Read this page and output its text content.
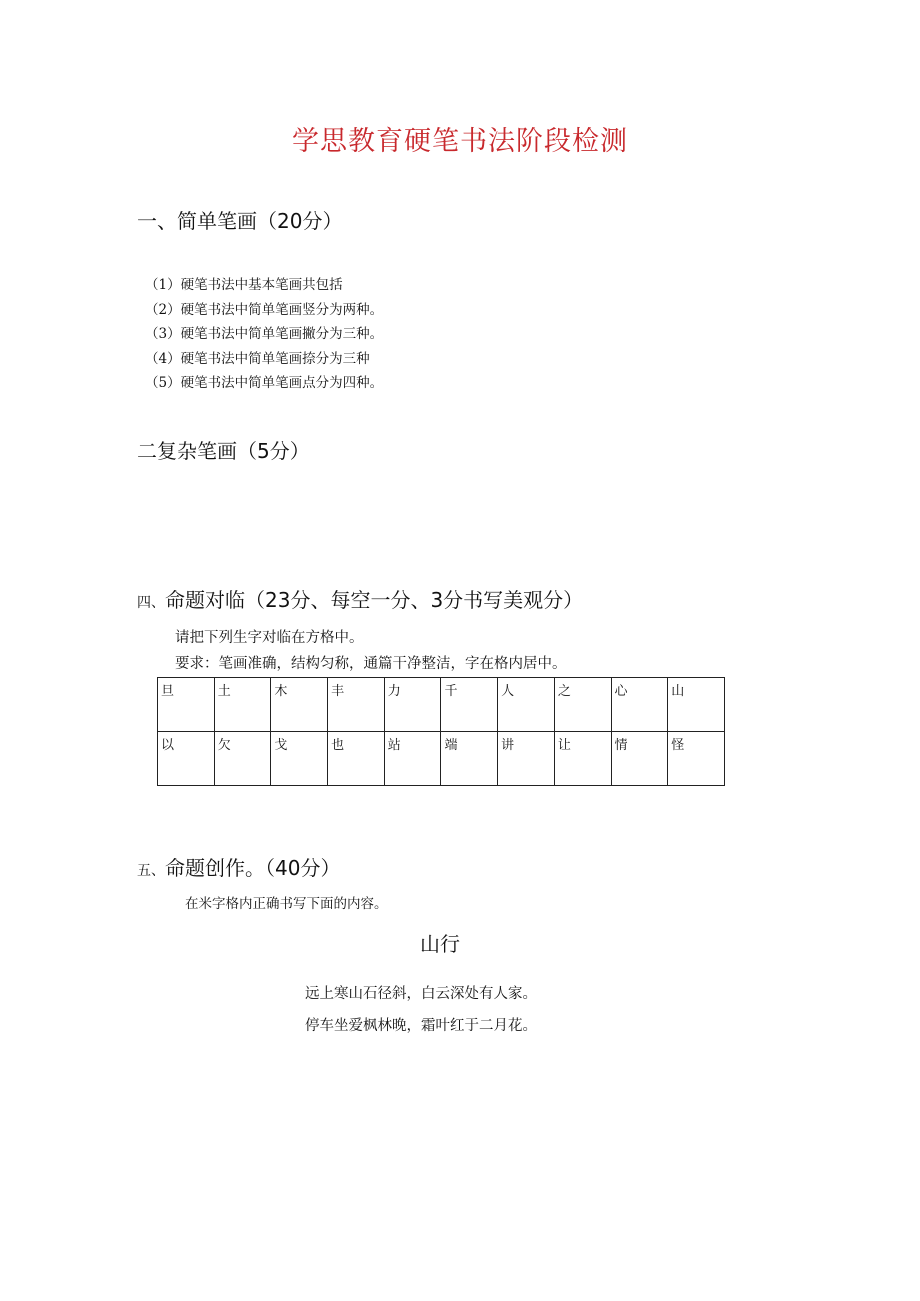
学思教育硬笔书法阶段检测
一、简单笔画（20分）
（1）硬笔书法中基本笔画共包括
（2）硬笔书法中简单笔画竖分为两种。
（3）硬笔书法中简单笔画撇分为三种。
（4）硬笔书法中简单笔画捺分为三种
（5）硬笔书法中简单笔画点分为四种。
二复杂笔画（5分）
四、命题对临（23分、每空一分、3分书写美观分）
请把下列生字对临在方格中。
要求：笔画准确，结构匀称，通篇干净整洁，字在格内居中。
旦	土	木	丰	力	千	人	之	心	山
以	欠	戈	也	站	端	讲	让	情	怪
五、命题创作。（40分）
在米字格内正确书写下面的内容。
山行
远上寒山石径斜，白云深处有人家。
停车坐爱枫林晚，霜叶红于二月花。
